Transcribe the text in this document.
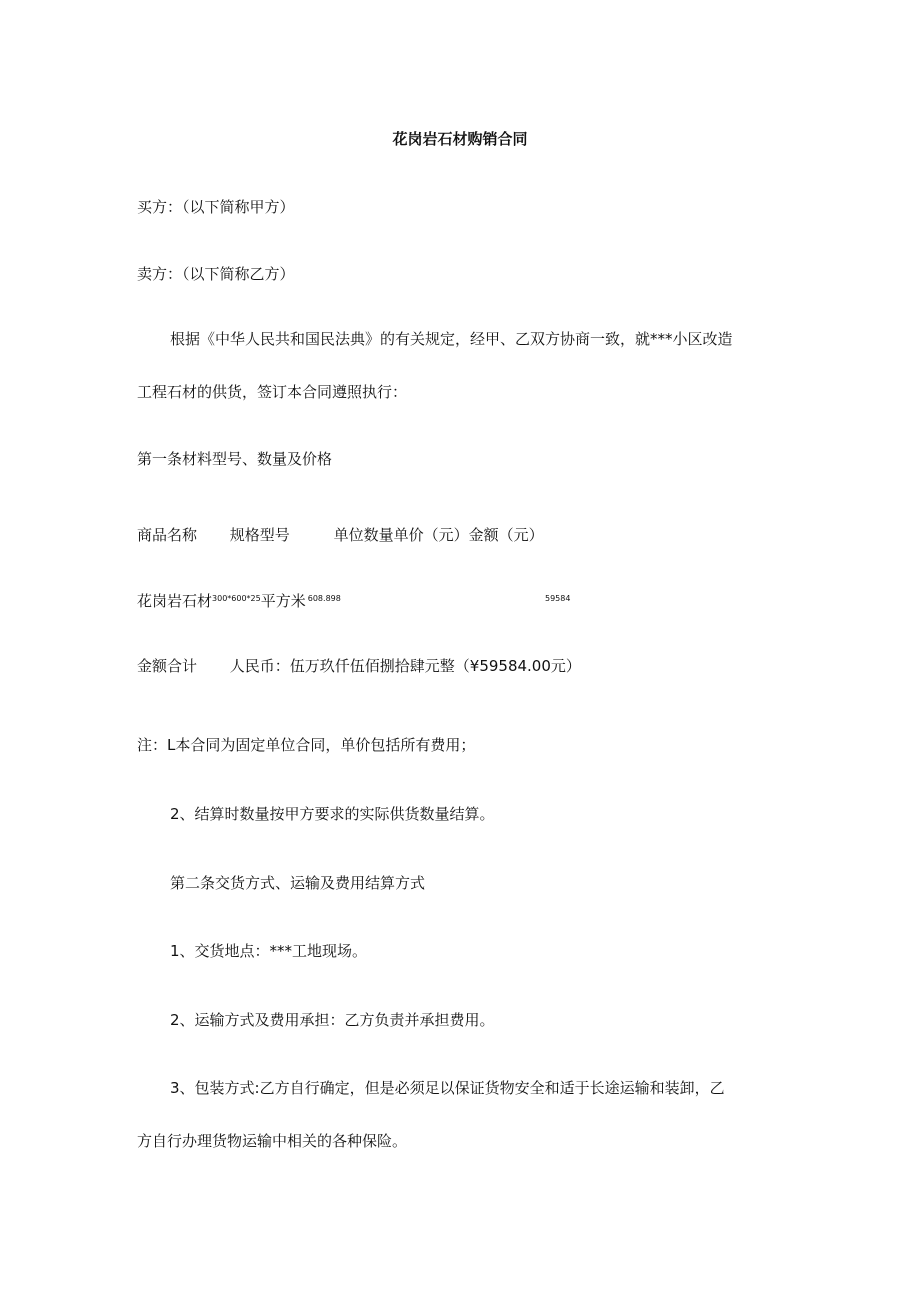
花岗岩石材购销合同
买方：（以下简称甲方）
卖方：（以下简称乙方）
根据《中华人民共和国民法典》的有关规定，经甲、乙双方协商一致，就***小区改造
工程石材的供货，签订本合同遵照执行：
第一条材料型号、数量及价格
商品名称 规格型号	单位数量单价（元）金额（元）
花岗岩石材$^{300*600*25}$平方米 $^{608.898}$	$^{59584}$
金额合计 人民币：伍万玖仟伍佰捌拾肆元整（¥59584.00元）
注：L本合同为固定单位合同，单价包括所有费用；
2、结算时数量按甲方要求的实际供货数量结算。
第二条交货方式、运输及费用结算方式
1、交货地点：***工地现场。
2、运输方式及费用承担：乙方负责并承担费用。
3、包装方式:乙方自行确定，但是必须足以保证货物安全和适于长途运输和装卸，乙
方自行办理货物运输中相关的各种保险。
